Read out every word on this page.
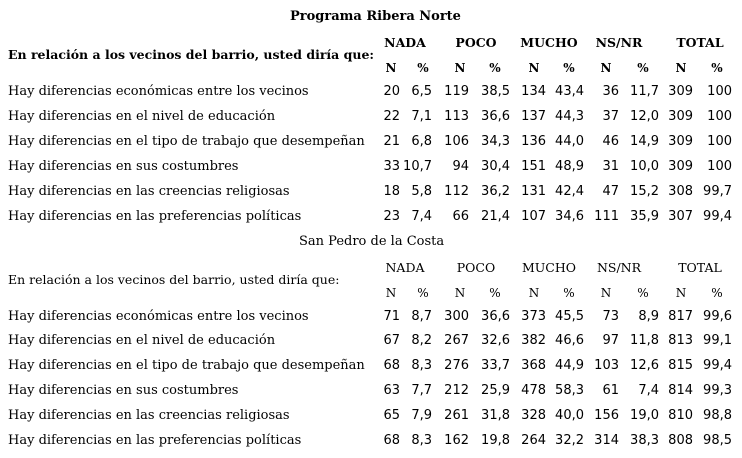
Programa Ribera Norte
En relación a los vecinos del barrio, usted diría que:
NADA	POCO	MUCHO	NS/NR	TOTAL
N	%	N	%	N	%	N	%	N	%
Hay diferencias económicas entre los vecinos	20 6,5 119 38,5 134 43,4	36 11,7 309	100
Hay diferencias en el nivel de educación	22 7,1 113 36,6 137 44,3	37 12,0 309	100
Hay diferencias en el tipo de trabajo que desempeñan	21 6,8 106 34,3 136 44,0	46 14,9 309	100
Hay diferencias en sus costumbres	33 10,7	94 30,4 151 48,9	31 10,0 309	100
Hay diferencias en las creencias religiosas	18 5,8 112 36,2 131 42,4	47 15,2 308 99,7
Hay diferencias en las preferencias políticas	23 7,4	66 21,4 107 34,6 111 35,9 307 99,4
San Pedro de la Costa
En relación a los vecinos del barrio, usted diría que:
NADA	POCO	MUCHO	NS/NR	TOTAL
N	%	N	%	N	%	N	%	N	%
Hay diferencias económicas entre los vecinos	71 8,7 300 36,6 373 45,5	73	8,9 817 99,6
Hay diferencias en el nivel de educación	67 8,2 267 32,6 382 46,6	97 11,8 813 99,1
Hay diferencias en el tipo de trabajo que desempeñan	68 8,3 276 33,7 368 44,9 103 12,6 815 99,4
Hay diferencias en sus costumbres	63 7,7 212 25,9 478 58,3	61	7,4 814 99,3
Hay diferencias en las creencias religiosas	65 7,9 261 31,8 328 40,0 156 19,0 810 98,8
Hay diferencias en las preferencias políticas	68 8,3 162 19,8 264 32,2 314 38,3 808 98,5
